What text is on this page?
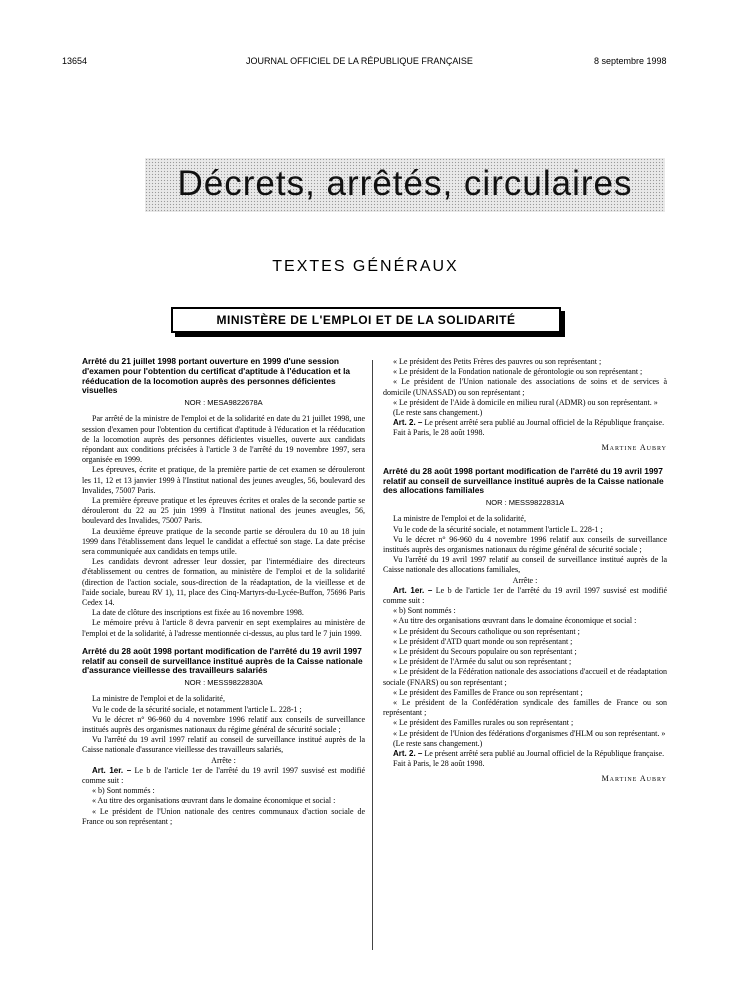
13654	JOURNAL OFFICIEL DE LA RÉPUBLIQUE FRANÇAISE	8 septembre 1998
Décrets, arrêtés, circulaires
TEXTES GÉNÉRAUX
MINISTÈRE DE L'EMPLOI ET DE LA SOLIDARITÉ
Arrêté du 21 juillet 1998 portant ouverture en 1999 d'une session d'examen pour l'obtention du certificat d'aptitude à l'éducation et la rééducation de la locomotion auprès des personnes déficientes visuelles
NOR : MESA9822678A

Par arrêté de la ministre de l'emploi et de la solidarité en date du 21 juillet 1998, une session d'examen pour l'obtention du certificat d'aptitude à l'éducation et la rééducation de la locomotion auprès des personnes déficientes visuelles, ouverte aux candidats répondant aux conditions précisées à l'article 3 de l'arrêté du 19 novembre 1997, sera organisée en 1999.

Les épreuves, écrite et pratique, de la première partie de cet examen se dérouleront les 11, 12 et 13 janvier 1999 à l'Institut national des jeunes aveugles, 56, boulevard des Invalides, 75007 Paris.

La première épreuve pratique et les épreuves écrites et orales de la seconde partie se dérouleront du 22 au 25 juin 1999 à l'Institut national des jeunes aveugles, 56, boulevard des Invalides, 75007 Paris.

La deuxième épreuve pratique de la seconde partie se déroulera du 10 au 18 juin 1999 dans l'établissement dans lequel le candidat a effectué son stage. La date précise sera communiquée aux candidats en temps utile.

Les candidats devront adresser leur dossier, par l'intermédiaire des directeurs d'établissement ou centres de formation, au ministère de l'emploi et de la solidarité (direction de l'action sociale, sous-direction de la réadaptation, de la vieillesse et de l'aide sociale, bureau RV 1), 11, place des Cinq-Martyrs-du-Lycée-Buffon, 75696 Paris Cedex 14.

La date de clôture des inscriptions est fixée au 16 novembre 1998.

Le mémoire prévu à l'article 8 devra parvenir en sept exemplaires au ministère de l'emploi et de la solidarité, à l'adresse mentionnée ci-dessus, au plus tard le 7 juin 1999.

Arrêté du 28 août 1998 portant modification de l'arrêté du 19 avril 1997 relatif au conseil de surveillance institué auprès de la Caisse nationale d'assurance vieillesse des travailleurs salariés
NOR : MESS9822830A

La ministre de l'emploi et de la solidarité,

Vu le code de la sécurité sociale, et notamment l'article L. 228-1 ;

Vu le décret n° 96-960 du 4 novembre 1996 relatif aux conseils de surveillance institués auprès des organismes nationaux du régime général de sécurité sociale ;

Vu l'arrêté du 19 avril 1997 relatif au conseil de surveillance institué auprès de la Caisse nationale d'assurance vieillesse des travailleurs salariés,

Arrête :

Art. 1er. – Le b de l'article 1er de l'arrêté du 19 avril 1997 susvisé est modifié comme suit :

« b) Sont nommés :

« Au titre des organisations œuvrant dans le domaine économique et social :

« Le président de l'Union nationale des centres communaux d'action sociale de France ou son représentant ;

« Le président des Petits Frères des pauvres ou son représentant ;

« Le président de la Fondation nationale de gérontologie ou son représentant ;

« Le président de l'Union nationale des associations de soins et de services à domicile (UNASSAD) ou son représentant ;

« Le président de l'Aide à domicile en milieu rural (ADMR) ou son représentant. »

(Le reste sans changement.)

Art. 2. – Le présent arrêté sera publié au Journal officiel de la République française.

Fait à Paris, le 28 août 1998.

Martine Aubry
Arrêté du 28 août 1998 portant modification de l'arrêté du 19 avril 1997 relatif au conseil de surveillance institué auprès de la Caisse nationale des allocations familiales
NOR : MESS9822831A

La ministre de l'emploi et de la solidarité,

Vu le code de la sécurité sociale, et notamment l'article L. 228-1 ;

Vu le décret n° 96-960 du 4 novembre 1996 relatif aux conseils de surveillance institués auprès des organismes nationaux du régime général de sécurité sociale ;

Vu l'arrêté du 19 avril 1997 relatif au conseil de surveillance institué auprès de la Caisse nationale des allocations familiales,

Arrête :

Art. 1er. – Le b de l'article 1er de l'arrêté du 19 avril 1997 susvisé est modifié comme suit :

« b) Sont nommés :

« Au titre des organisations œuvrant dans le domaine économique et social :

« Le président du Secours catholique ou son représentant ;

« Le président d'ATD quart monde ou son représentant ;

« Le président du Secours populaire ou son représentant ;

« Le président de l'Armée du salut ou son représentant ;

« Le président de la Fédération nationale des associations d'accueil et de réadaptation sociale (FNARS) ou son représentant ;

« Le président des Familles de France ou son représentant ;

« Le président de la Confédération syndicale des familles de France ou son représentant ;

« Le président des Familles rurales ou son représentant ;

« Le président de l'Union des fédérations d'organismes d'HLM ou son représentant. »

(Le reste sans changement.)

Art. 2. – Le présent arrêté sera publié au Journal officiel de la République française.

Fait à Paris, le 28 août 1998.

Martine Aubry
